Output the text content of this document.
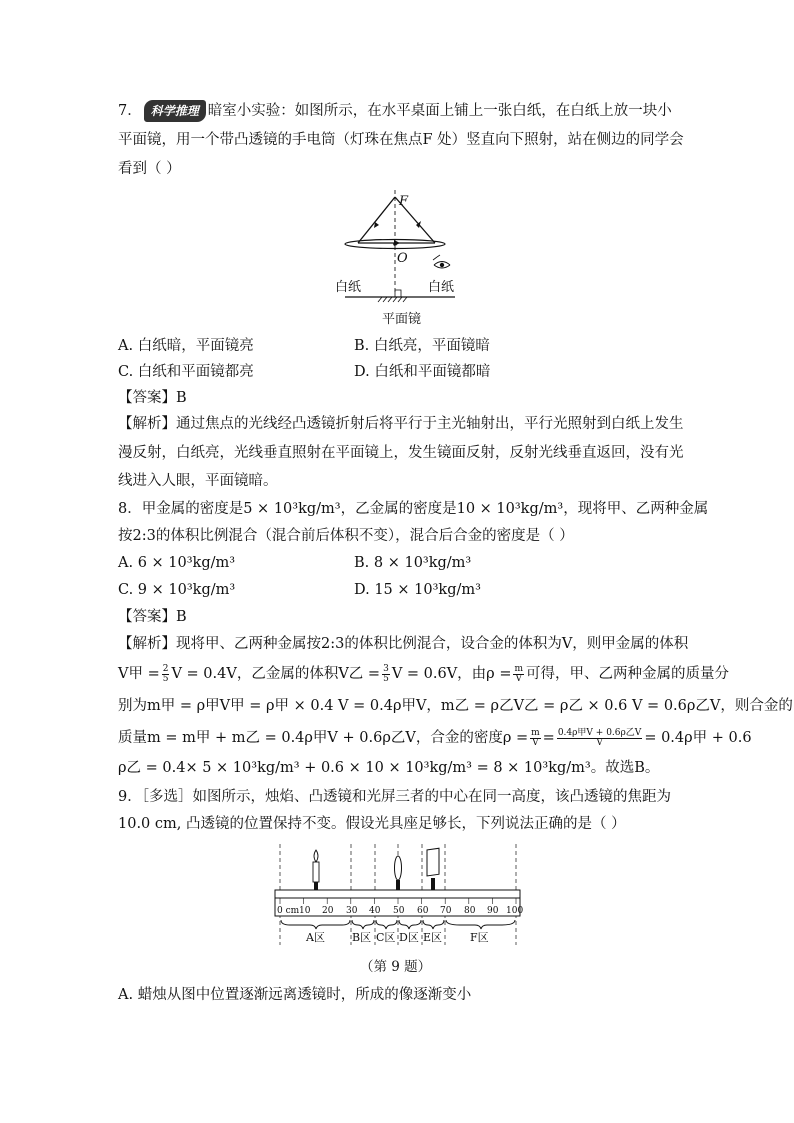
7． 科学推理 暗室小实验：如图所示，在水平桌面上铺上一张白纸，在白纸上放一块小
平面镜，用一个带凸透镜的手电筒（灯珠在焦点F 处）竖直向下照射，站在侧边的同学会
看到（ ）
F
O
白纸	白纸
平面镜
A. 白纸暗，平面镜亮	B. 白纸亮，平面镜暗
C. 白纸和平面镜都亮	D. 白纸和平面镜都暗
【答案】B
【解析】通过焦点的光线经凸透镜折射后将平行于主光轴射出，平行光照射到白纸上发生
漫反射，白纸亮，光线垂直照射在平面镜上，发生镜面反射，反射光线垂直返回，没有光
线进入人眼，平面镜暗。
8．甲金属的密度是5 × 10³kg/m³，乙金属的密度是10 × 10³kg/m³，现将甲、乙两种金属
按2:3的体积比例混合（混合前后体积不变），混合后合金的密度是（ ）
A. 6 × 10³kg/m³	B. 8 × 10³kg/m³
C. 9 × 10³kg/m³	D. 15 × 10³kg/m³
【答案】B
【解析】现将甲、乙两种金属按2:3的体积比例混合，设合金的体积为V，则甲金属的体积
V甲 = $\frac{2}{5}$ V = 0.4V，乙金属的体积V乙 = $\frac{3}{5}$ V = 0.6V，由$\rho = \frac{m}{V}$ 可得，甲、乙两种金属的质量分
别为m甲 = ρ甲V甲 = ρ甲 × 0.4 V = 0.4ρ甲V，m乙 = ρ乙V乙 = ρ乙 × 0.6 V = 0.6ρ乙V，则合金的
质量m = m甲 + m乙 = 0.4ρ甲V + 0.6ρ乙V，合金的密度$\rho = \frac{m}{V} = \frac{\text{0.4ρ甲V + 0.6ρ乙V}}{V} = 0.4\rho$甲 + 0.6
ρ乙 = 0.4× 5 × 10³kg/m³ + 0.6 × 10 × 10³kg/m³ = 8 × 10³kg/m³。故选B。
9．［多选］如图所示，烛焰、凸透镜和光屏三者的中心在同一高度，该凸透镜的焦距为
10.0 cm, 凸透镜的位置保持不变。假设光具座足够长，下列说法正确的是（ ）
0 cm 10 20 30 40 50 60 70 80 90 100
A区 B区 C区 D区 E区	F区
（第 9 题）
A. 蜡烛从图中位置逐渐远离透镜时，所成的像逐渐变小
